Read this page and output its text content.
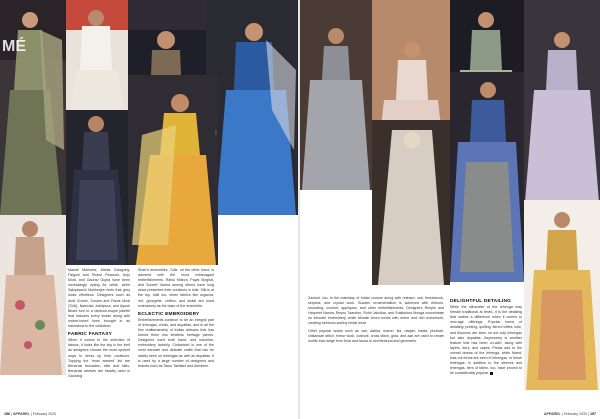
MÉ
EKLI

Manali Malhotra, Mania Gangoely, Falguni and Shane Peacock, Anju Modi, and Gaurav Gupta have been increasingly opting for white, while Sabyasachi Mukherjee feels that grey looks effortless. Designers such as Amit Grover, Sonam and Paras Modi (SVA), Namrata Joshipura, and Ayush Birani turn to a rainbow-esque palette that includes every shade along with ombre-toned hues brought in as transitions to the collection.

FABRIC FANTASY

When it comes to the selection of fabrics, it looks like the sky is the limit as designers choose the most opulent ways to dress up their creations. Topping the 'most wanted' list are Benarasi brocades, tulle and silks. Benarasi weaves are heavily used in Gaurang

Shah's ensembles. Tulle, on the other hand, is adorned with the most extravagant embellishments. Rahul Mishra, Payal Singhal, and Suneet Varma among others have long since presented their creations in tulle. Silk is at the top, tulle too, sheer fabrics like organza, net, georgette, chiffon, and khadi are used extensively as the base of the ensemble.

ECLECTIC EMBROIDERY

Embellishments continue to be an integral part of lehengas, cholis, and dupattas, and in all the fine craftsmanship of Indian artisans that has turned them into timeless heritage pieces. Designers used both hand- and machine-embroidery lavishly. Chikankari is one of the most intricate and delicate crafts that can be widely seen on lehengas as well as dupattas. It is used by a large number of designers and brands such as Tarun Tahiliani and Ashdeen.

156 | APPAREL | February 2020

Zardozi, too, is the mainstay of bridal couture along with resham, zari, threadwork, sequins, and crystal work. Sudden ornamentation is achieved with ribbons, smocking, crochet, appliques, and other embellishments. Designers Rimple and Harpreet Narula, Reynu Taandon, Rohit Jakolkar, and Sulakshna Monga concentrate on intricate embroidery, while Monish Arora works with mirror and rich mirrorwork, creating heirloom-worthy bridal wear.

Other popular works such as zari, dabka, marori, tila, naqshi, badla, phulkari, chikankari stitch, mirror work, cutwork, cross stitch, gota, and aari are used to create motifs that range from flora and fauna to architectural and geometric

DELIGHTFUL DETAILING

While the silhouette of the lehenga may remain traditional at times, it is the detailing that makes a difference when it comes to new-age offerings. Popular forms of detailing: printing, quilting, tiered ruffles, tulle, and flounces are seen on not only lehengas but also dupattas. Asymmetry is another feature that has been on-skirt, along with layers, tiers, and capes. Pleats add to the overall drama of the lehenga, while flared, bias cut forms are seen in lehengas. In these lehengas, in addition to the sleeves and lehengas, tiers of fabric, too, have proved to be considerably popular.

APPAREL | February 2020 | 157
